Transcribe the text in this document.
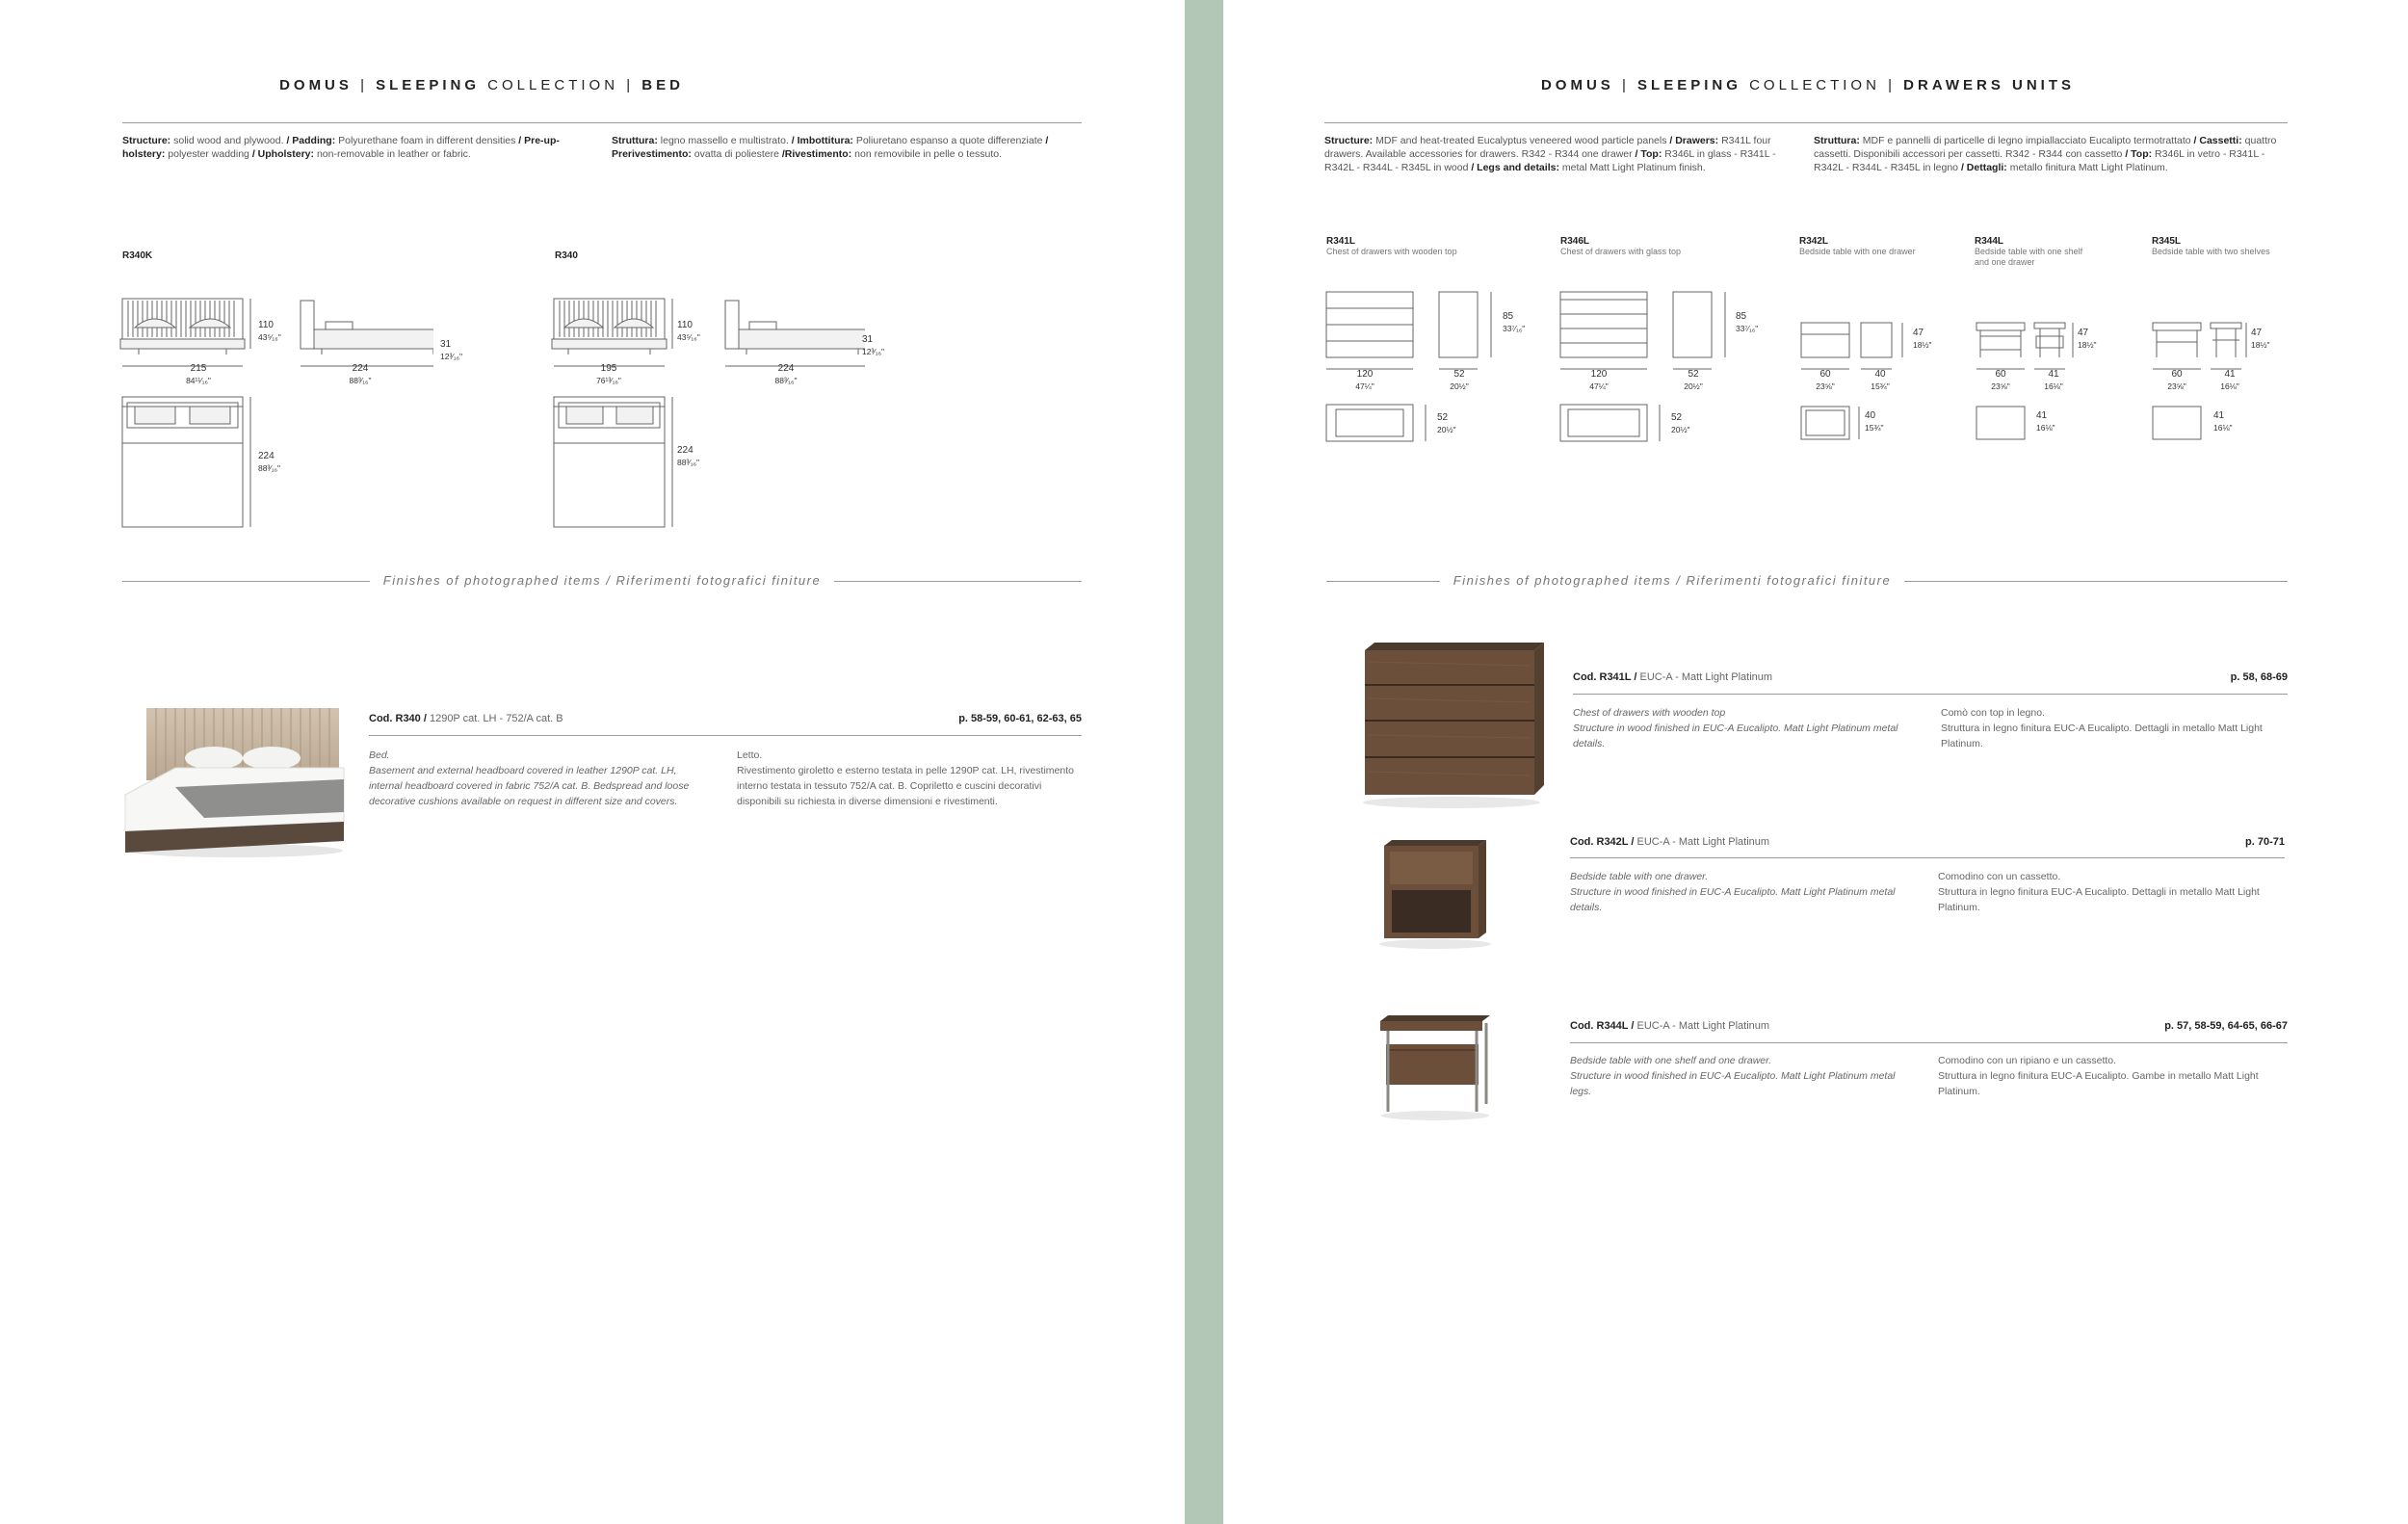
DOMUS | SLEEPING COLLECTION | BED
Structure: solid wood and plywood. / Padding: Polyurethane foam in different densities / Pre-up-holstery: polyester wadding / Upholstery: non-removable in leather or fabric.
Struttura: legno massello e multistrato. / Imbottitura: Poliuretano espanso a quote differenziate / Prerivestimento: ovatta di poliestere /Rivestimento: non removibile in pelle o tessuto.
R340K
110
43⁵⁄₁₆"
215
84¹¹⁄₁₆"
224
88³⁄₁₆"
31
12³⁄₁₆"
224
88³⁄₁₆"
R340
110
43⁵⁄₁₆"
195
76¹³⁄₁₆"
224
88³⁄₁₆"
31
12³⁄₁₆"
224
88³⁄₁₆"
Finishes of photographed items / Riferimenti fotografici finiture
Cod. R340 / 1290P cat. LH - 752/A cat. B	p. 58-59, 60-61, 62-63, 65
Bed.
Basement and external headboard covered in leather 1290P cat. LH,
internal headboard covered in fabric 752/A cat. B. Bedspread and loose
decorative cushions available on request in different size and covers.
Letto.
Rivestimento giroletto e esterno testata in pelle 1290P cat. LH, rivestimento
interno testata in tessuto 752/A cat. B. Copriletto e cuscini decorativi
disponibili su richiesta in diverse dimensioni e rivestimenti.
DOMUS | SLEEPING COLLECTION | DRAWERS UNITS
Structure: MDF and heat-treated Eucalyptus veneered wood particle panels / Drawers: R341L four drawers. Available accessories for drawers. R342 - R344 one drawer / Top: R346L in glass - R341L - R342L - R344L - R345L in wood / Legs and details: metal Matt Light Platinum finish.
Struttura: MDF e pannelli di particelle di legno impiallacciato Eucalipto termotrattato / Cassetti: quattro cassetti. Disponibili accessori per cassetti. R342 - R344 con cassetto / Top: R346L in vetro - R341L - R342L - R344L - R345L in legno / Dettagli: metallo finitura Matt Light Platinum.
R341L
Chest of drawers with wooden top
R346L
Chest of drawers with glass top
R342L
Bedside table with one drawer
R344L
Bedside table with one shelf and one drawer
R345L
Bedside table with two shelves
85
33⁷⁄₁₆"
120
47¼"
52
20½"
52
20½"
85
33⁷⁄₁₆"
120
47¼"
52
20½"
52
20½"
47
18½"
60
23⅝"
40
15¾"
40
15¾"
47
18½"
60
23⅝"
41
16⅛"
41
16⅛"
47
18½"
60
23⅝"
41
16⅛"
41
16⅛"
Finishes of photographed items / Riferimenti fotografici finiture
Cod. R341L / EUC-A - Matt Light Platinum	p. 58, 68-69
Chest of drawers with wooden top
Structure in wood finished in EUC-A Eucalipto. Matt Light Platinum metal
details.
Comò con top in legno.
Struttura in legno finitura EUC-A Eucalipto. Dettagli in metallo Matt Light
Platinum.
Cod. R342L / EUC-A - Matt Light Platinum	p. 70-71
Bedside table with one drawer.
Structure in wood finished in EUC-A Eucalipto. Matt Light Platinum metal
details.
Comodino con un cassetto.
Struttura in legno finitura EUC-A Eucalipto. Dettagli in metallo Matt Light
Platinum.
Cod. R344L / EUC-A - Matt Light Platinum	p. 57, 58-59, 64-65, 66-67
Bedside table with one shelf and one drawer.
Structure in wood finished in EUC-A Eucalipto. Matt Light Platinum metal
legs.
Comodino con un ripiano e un cassetto.
Struttura in legno finitura EUC-A Eucalipto. Gambe in metallo Matt Light
Platinum.
